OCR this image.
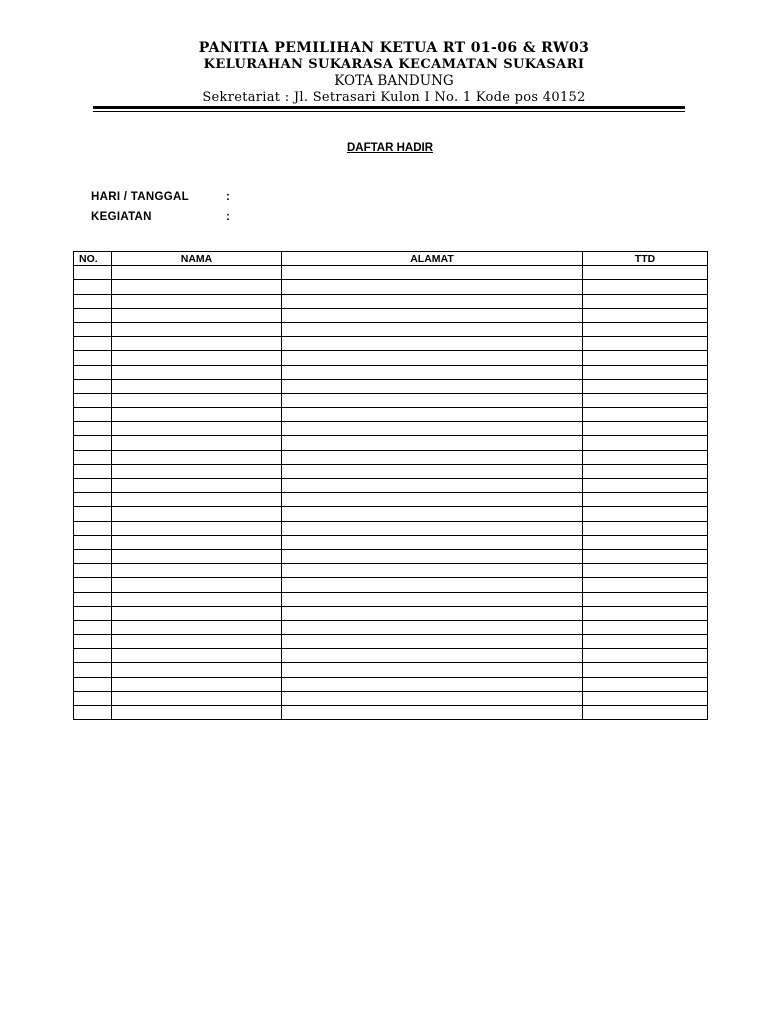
PANITIA PEMILIHAN KETUA RT 01-06 & RW03
KELURAHAN SUKARASA KECAMATAN SUKASARI
KOTA BANDUNG
Sekretariat : Jl. Setrasari Kulon I No. 1 Kode pos 40152
DAFTAR HADIR
HARI / TANGGAL	:
KEGIATAN	:
NO.	NAMA	ALAMAT	TTD
